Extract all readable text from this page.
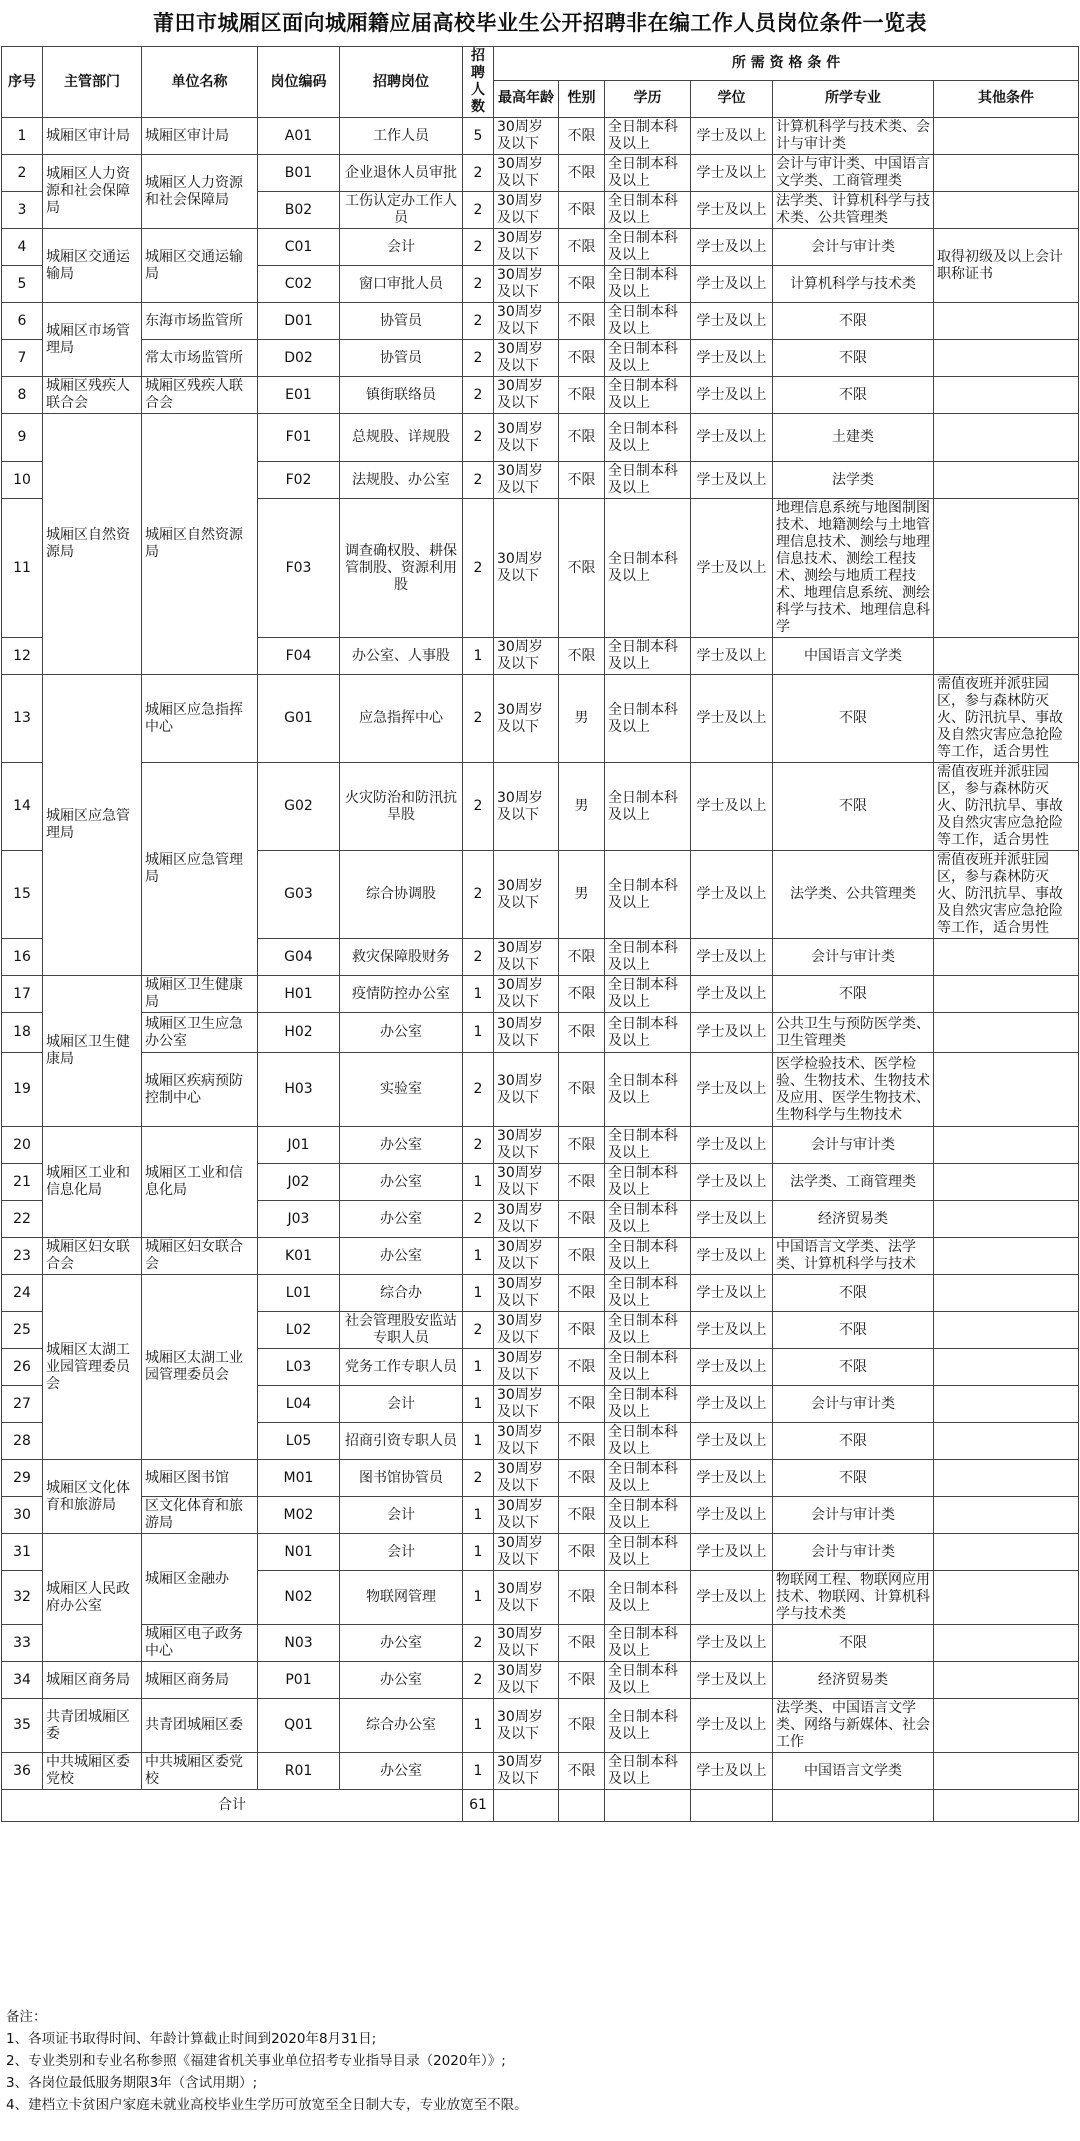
莆田市城厢区面向城厢籍应届高校毕业生公开招聘非在编工作人员岗位条件一览表
序号	主管部门	单位名称	岗位编码	招聘岗位	招聘人数	所 需 资 格 条 件					
						最高年龄	性别	学历	学位	所学专业	其他条件
1	城厢区审计局	城厢区审计局	A01	工作人员	5	30周岁及以下	不限	全日制本科及以上	学士及以上	计算机科学与技术类、会计与审计类	
2	城厢区人力资源和社会保障局	城厢区人力资源和社会保障局	B01	企业退休人员审批	2	30周岁及以下	不限	全日制本科及以上	学士及以上	会计与审计类、中国语言文学类、工商管理类	
3			B02	工伤认定办工作人员	2	30周岁及以下	不限	全日制本科及以上	学士及以上	法学类、计算机科学与技术类、公共管理类	
4	城厢区交通运输局	城厢区交通运输局	C01	会计	2	30周岁及以下	不限	全日制本科及以上	学士及以上	会计与审计类	取得初级及以上会计职称证书
5			C02	窗口审批人员	2	30周岁及以下	不限	全日制本科及以上	学士及以上	计算机科学与技术类	
6	城厢区市场管理局	东海市场监管所	D01	协管员	2	30周岁及以下	不限	全日制本科及以上	学士及以上	不限	
7		常太市场监管所	D02	协管员	2	30周岁及以下	不限	全日制本科及以上	学士及以上	不限	
8	城厢区残疾人联合会	城厢区残疾人联合会	E01	镇街联络员	2	30周岁及以下	不限	全日制本科及以上	学士及以上	不限	
9	城厢区自然资源局	城厢区自然资源局	F01	总规股、详规股	2	30周岁及以下	不限	全日制本科及以上	学士及以上	土建类	
10			F02	法规股、办公室	2	30周岁及以下	不限	全日制本科及以上	学士及以上	法学类	
11			F03	调查确权股、耕保管制股、资源利用股	2	30周岁及以下	不限	全日制本科及以上	学士及以上	地理信息系统与地图制图技术、地籍测绘与土地管理信息技术、测绘与地理信息技术、测绘工程技术、测绘与地质工程技术、地理信息系统、测绘科学与技术、地理信息科学	
12			F04	办公室、人事股	1	30周岁及以下	不限	全日制本科及以上	学士及以上	中国语言文学类	
13	城厢区应急管理局	城厢区应急指挥中心	G01	应急指挥中心	2	30周岁及以下	男	全日制本科及以上	学士及以上	不限	需值夜班并派驻园区，参与森林防灭火、防汛抗旱、事故及自然灾害应急抢险等工作，适合男性
14		城厢区应急管理局	G02	火灾防治和防汛抗旱股	2	30周岁及以下	男	全日制本科及以上	学士及以上	不限	需值夜班并派驻园区，参与森林防灭火、防汛抗旱、事故及自然灾害应急抢险等工作，适合男性
15			G03	综合协调股	2	30周岁及以下	男	全日制本科及以上	学士及以上	法学类、公共管理类	需值夜班并派驻园区，参与森林防灭火、防汛抗旱、事故及自然灾害应急抢险等工作，适合男性
16			G04	救灾保障股财务	2	30周岁及以下	不限	全日制本科及以上	学士及以上	会计与审计类	
17	城厢区卫生健康局	城厢区卫生健康局	H01	疫情防控办公室	1	30周岁及以下	不限	全日制本科及以上	学士及以上	不限	
18		城厢区卫生应急办公室	H02	办公室	1	30周岁及以下	不限	全日制本科及以上	学士及以上	公共卫生与预防医学类、卫生管理类	
19		城厢区疾病预防控制中心	H03	实验室	2	30周岁及以下	不限	全日制本科及以上	学士及以上	医学检验技术、医学检验、生物技术、生物技术及应用、医学生物技术、生物科学与生物技术	
20	城厢区工业和信息化局	城厢区工业和信息化局	J01	办公室	2	30周岁及以下	不限	全日制本科及以上	学士及以上	会计与审计类	
21			J02	办公室	1	30周岁及以下	不限	全日制本科及以上	学士及以上	法学类、工商管理类	
22			J03	办公室	2	30周岁及以下	不限	全日制本科及以上	学士及以上	经济贸易类	
23	城厢区妇女联合会	城厢区妇女联合会	K01	办公室	1	30周岁及以下	不限	全日制本科及以上	学士及以上	中国语言文学类、法学类、计算机科学与技术	
24	城厢区太湖工业园管理委员会	城厢区太湖工业园管理委员会	L01	综合办	1	30周岁及以下	不限	全日制本科及以上	学士及以上	不限	
25			L02	社会管理股安监站专职人员	2	30周岁及以下	不限	全日制本科及以上	学士及以上	不限	
26			L03	党务工作专职人员	1	30周岁及以下	不限	全日制本科及以上	学士及以上	不限	
27			L04	会计	1	30周岁及以下	不限	全日制本科及以上	学士及以上	会计与审计类	
28			L05	招商引资专职人员	1	30周岁及以下	不限	全日制本科及以上	学士及以上	不限	
29	城厢区文化体育和旅游局	城厢区图书馆	M01	图书馆协管员	2	30周岁及以下	不限	全日制本科及以上	学士及以上	不限	
30		区文化体育和旅游局	M02	会计	1	30周岁及以下	不限	全日制本科及以上	学士及以上	会计与审计类	
31	城厢区人民政府办公室	城厢区金融办	N01	会计	1	30周岁及以下	不限	全日制本科及以上	学士及以上	会计与审计类	
32			N02	物联网管理	1	30周岁及以下	不限	全日制本科及以上	学士及以上	物联网工程、物联网应用技术、物联网、计算机科学与技术类	
33		城厢区电子政务中心	N03	办公室	2	30周岁及以下	不限	全日制本科及以上	学士及以上	不限	
34	城厢区商务局	城厢区商务局	P01	办公室	2	30周岁及以下	不限	全日制本科及以上	学士及以上	经济贸易类	
35	共青团城厢区委	共青团城厢区委	Q01	综合办公室	1	30周岁及以下	不限	全日制本科及以上	学士及以上	法学类、中国语言文学类、网络与新媒体、社会工作	
36	中共城厢区委党校	中共城厢区委党校	R01	办公室	1	30周岁及以下	不限	全日制本科及以上	学士及以上	中国语言文学类	
合计					61						
备注：
1、各项证书取得时间、年龄计算截止时间到2020年8月31日;
2、专业类别和专业名称参照《福建省机关事业单位招考专业指导目录（2020年）》;
3、各岗位最低服务期限3年（含试用期）;
4、建档立卡贫困户家庭未就业高校毕业生学历可放宽至全日制大专，专业放宽至不限。
